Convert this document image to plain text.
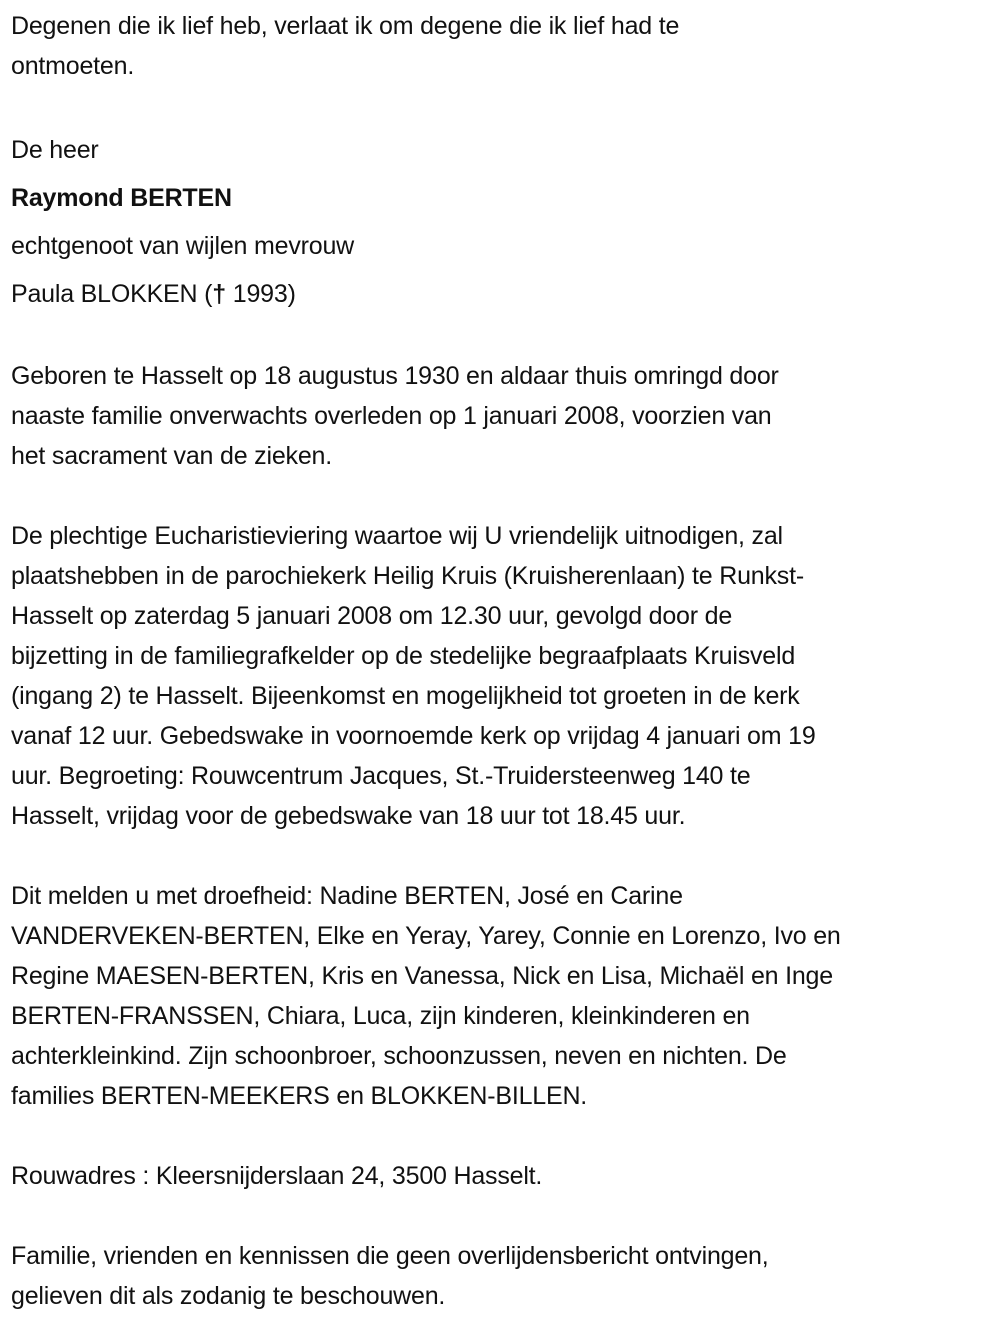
Degenen die ik lief heb, verlaat ik om degene die ik lief had te
ontmoeten.

De heer
Raymond BERTEN
echtgenoot van wijlen mevrouw
Paula BLOKKEN († 1993)

Geboren te Hasselt op 18 augustus 1930 en aldaar thuis omringd door
naaste familie onverwachts overleden op 1 januari 2008, voorzien van
het sacrament van de zieken.

De plechtige Eucharistieviering waartoe wij U vriendelijk uitnodigen, zal
plaatshebben in de parochiekerk Heilig Kruis (Kruisherenlaan) te Runkst-
Hasselt op zaterdag 5 januari 2008 om 12.30 uur, gevolgd door de
bijzetting in de familiegrafkelder op de stedelijke begraafplaats Kruisveld
(ingang 2) te Hasselt. Bijeenkomst en mogelijkheid tot groeten in de kerk
vanaf 12 uur. Gebedswake in voornoemde kerk op vrijdag 4 januari om 19
uur. Begroeting: Rouwcentrum Jacques, St.-Truidersteenweg 140 te
Hasselt, vrijdag voor de gebedswake van 18 uur tot 18.45 uur.

Dit melden u met droefheid: Nadine BERTEN, José en Carine
VANDERVEKEN-BERTEN, Elke en Yeray, Yarey, Connie en Lorenzo, Ivo en
Regine MAESEN-BERTEN, Kris en Vanessa, Nick en Lisa, Michaël en Inge
BERTEN-FRANSSEN, Chiara, Luca, zijn kinderen, kleinkinderen en
achterkleinkind. Zijn schoonbroer, schoonzussen, neven en nichten. De
families BERTEN-MEEKERS en BLOKKEN-BILLEN.

Rouwadres : Kleersnijderslaan 24, 3500 Hasselt.

Familie, vrienden en kennissen die geen overlijdensbericht ontvingen,
gelieven dit als zodanig te beschouwen.
